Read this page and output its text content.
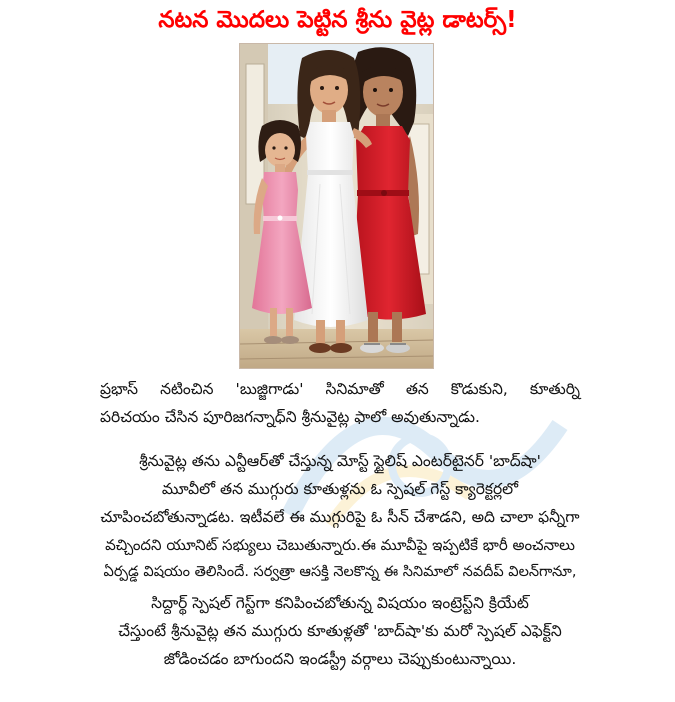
నటన మొదలు పెట్టిన శ్రీను వైట్ల డాటర్స్!

ప్రభాస్ నటించిన 'బుజ్జిగాడు' సినిమాతో తన కొడుకుని, కూతుర్ని

పరిచయం చేసిన పూరిజగన్నాధ్‌ని శ్రీనువైట్ల ఫాలో అవుతున్నాడు.

శ్రీనువైట్ల తను ఎన్టీఆర్‌తో చేస్తున్న మోస్ట్ స్టైలిష్ ఎంటర్‌టైనర్ 'బాద్‌షా'

మూవీలో తన ముగ్గురు కూతుళ్లను ఓ స్పెషల్ గెస్ట్ క్యారెక్టర్లలో

చూపించబోతున్నాడట. ఇటీవలే ఈ ముగ్గురిపై ఓ సీన్ చేశాడని, అది చాలా ఫన్నీగా

వచ్చిందని యూనిట్ సభ్యులు చెబుతున్నారు.ఈ మూవీపై ఇప్పటికే భారీ అంచనాలు

ఏర్పడ్డ విషయం తెలిసిందే. సర్వత్రా ఆసక్తి నెలకొన్న ఈ సినిమాలో నవదీప్ విలన్‌గానూ,

సిద్దార్థ్ స్పెషల్ గెస్ట్‌గా కనిపించబోతున్న విషయం ఇంట్రెస్ట్‌ని క్రియేట్

చేస్తుంటే శ్రీనువైట్ల తన ముగ్గురు కూతుళ్లతో 'బాద్‌షా'కు మరో స్పెషల్ ఎఫెక్ట్‌ని

జోడించడం బాగుందని ఇండస్ట్రీ వర్గాలు చెప్పుకుంటున్నాయి.
